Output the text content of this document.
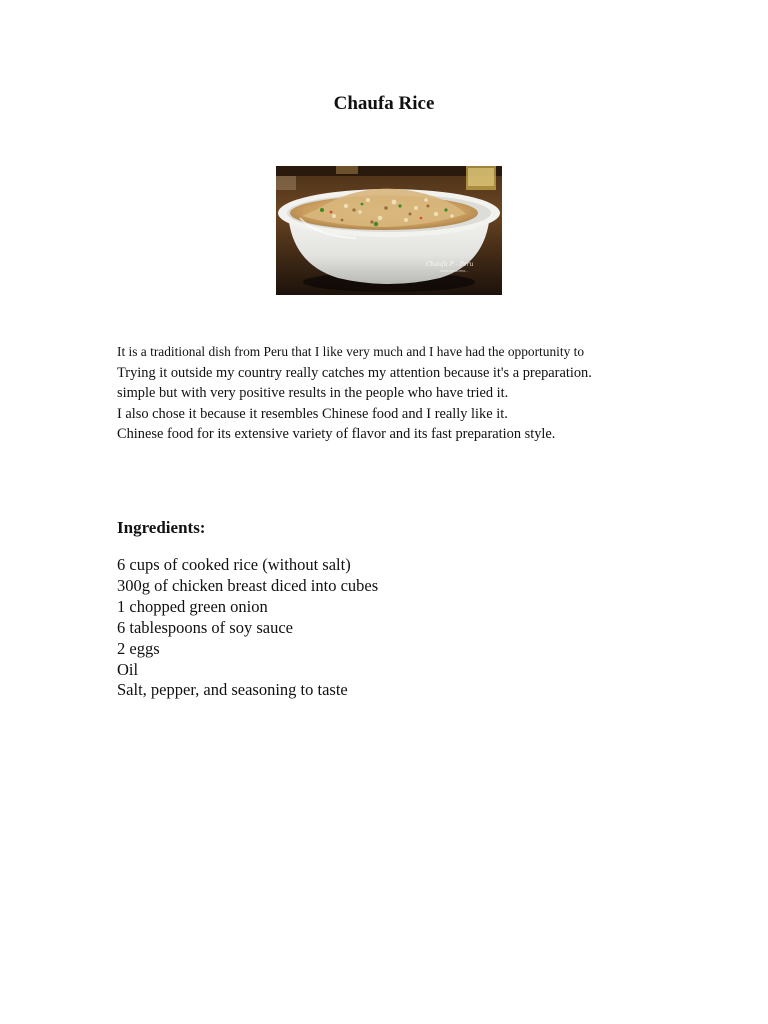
Chaufa Rice
Chaufa P - Peru
www.consumo...

It is a traditional dish from Peru that I like very much and I have had the opportunity to

Trying it outside my country really catches my attention because it's a preparation.

simple but with very positive results in the people who have tried it.

I also chose it because it resembles Chinese food and I really like it.

Chinese food for its extensive variety of flavor and its fast preparation style.

Ingredients:
6 cups of cooked rice (without salt)
300g of chicken breast diced into cubes
1 chopped green onion
6 tablespoons of soy sauce
2 eggs
Oil
Salt, pepper, and seasoning to taste
